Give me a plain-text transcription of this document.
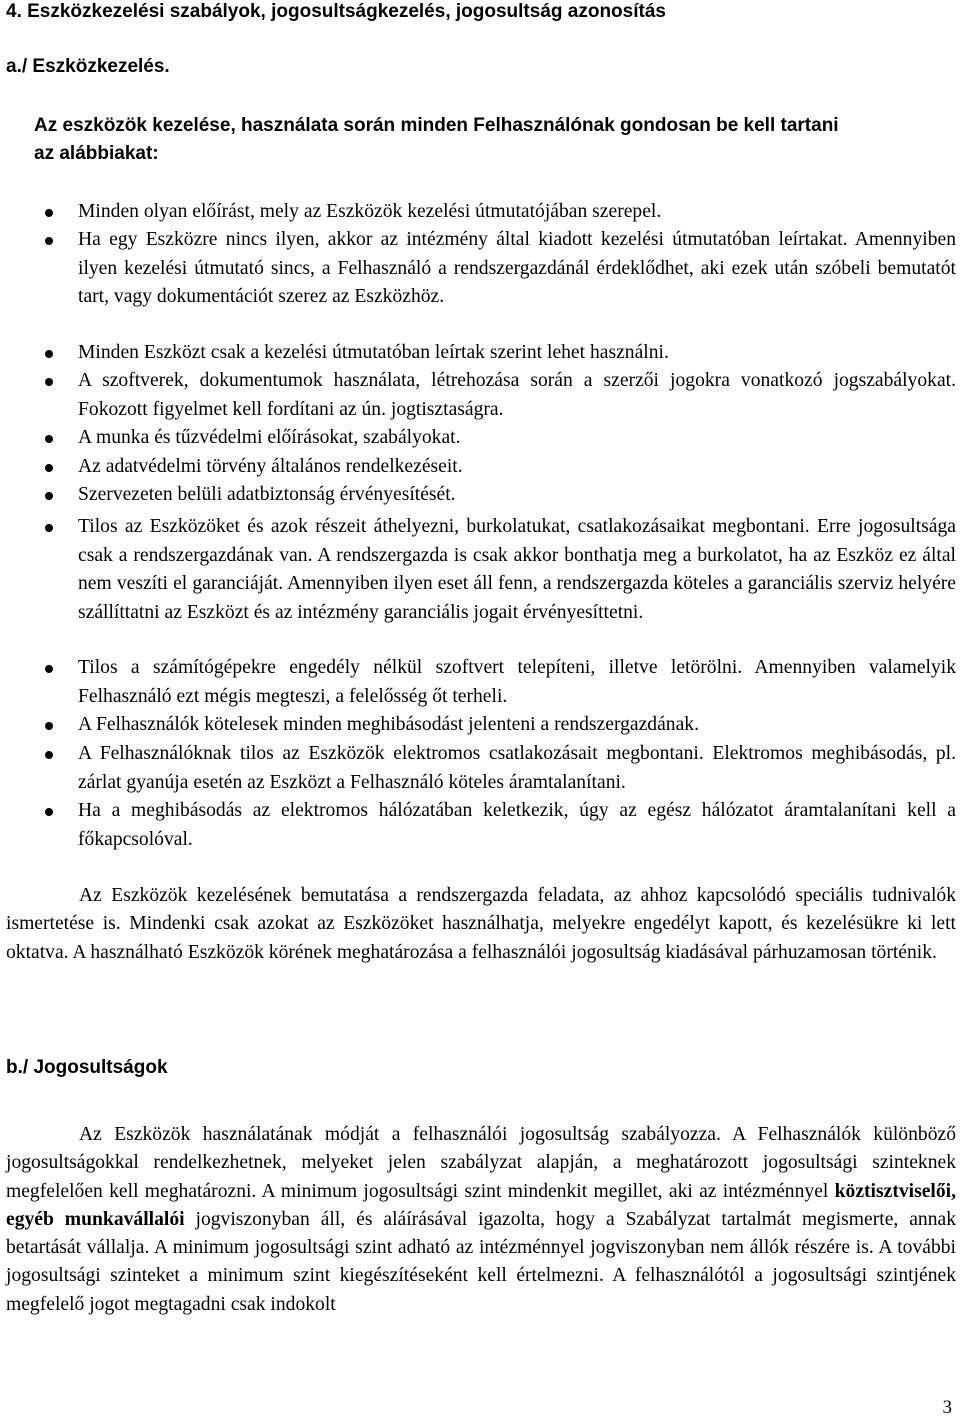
4. Eszközkezelési szabályok, jogosultságkezelés, jogosultság azonosítás
a./ Eszközkezelés.
Az eszközök kezelése, használata során minden Felhasználónak gondosan be kell tartani
az alábbiakat:
Minden olyan előírást, mely az Eszközök kezelési útmutatójában szerepel.
Ha egy Eszközre nincs ilyen, akkor az intézmény által kiadott kezelési útmutatóban leírtakat. Amennyiben ilyen kezelési útmutató sincs, a Felhasználó a rendszergazdánál érdeklődhet, aki ezek után szóbeli bemutatót tart, vagy dokumentációt szerez az Eszközhöz.
Minden Eszközt csak a kezelési útmutatóban leírtak szerint lehet használni.
A szoftverek, dokumentumok használata, létrehozása során a szerzői jogokra vonatkozó jogszabályokat. Fokozott figyelmet kell fordítani az ún. jogtisztaságra.
A munka és tűzvédelmi előírásokat, szabályokat.
Az adatvédelmi törvény általános rendelkezéseit.
Szervezeten belüli adatbiztonság érvényesítését.
Tilos az Eszközöket és azok részeit áthelyezni, burkolatukat, csatlakozásaikat megbontani. Erre jogosultsága csak a rendszergazdának van. A rendszergazda is csak akkor bonthatja meg a burkolatot, ha az Eszköz ez által nem veszíti el garanciáját. Amennyiben ilyen eset áll fenn, a rendszergazda köteles a garanciális szerviz helyére szállíttatni az Eszközt és az intézmény garanciális jogait érvényesíttetni.
Tilos a számítógépekre engedély nélkül szoftvert telepíteni, illetve letörölni. Amennyiben valamelyik Felhasználó ezt mégis megteszi, a felelősség őt terheli.
A Felhasználók kötelesek minden meghibásodást jelenteni a rendszergazdának.
A Felhasználóknak tilos az Eszközök elektromos csatlakozásait megbontani. Elektromos meghibásodás, pl. zárlat gyanúja esetén az Eszközt a Felhasználó köteles áramtalanítani.
Ha a meghibásodás az elektromos hálózatában keletkezik, úgy az egész hálózatot áramtalanítani kell a főkapcsolóval.
Az Eszközök kezelésének bemutatása a rendszergazda feladata, az ahhoz kapcsolódó speciális tudnivalók ismertetése is. Mindenki csak azokat az Eszközöket használhatja, melyekre engedélyt kapott, és kezelésükre ki lett oktatva. A használható Eszközök körének meghatározása a felhasználói jogosultság kiadásával párhuzamosan történik.
b./ Jogosultságok
Az Eszközök használatának módját a felhasználói jogosultság szabályozza. A Felhasználók különböző jogosultságokkal rendelkezhetnek, melyeket jelen szabályzat alapján, a meghatározott jogosultsági szinteknek megfelelően kell meghatározni. A minimum jogosultsági szint mindenkit megillet, aki az intézménnyel köztisztviselői, egyéb munkavállalói jogviszonyban áll, és aláírásával igazolta, hogy a Szabályzat tartalmát megismerte, annak betartását vállalja. A minimum jogosultsági szint adható az intézménnyel jogviszonyban nem állók részére is. A további jogosultsági szinteket a minimum szint kiegészítéseként kell értelmezni. A felhasználótól a jogosultsági szintjének megfelelő jogot megtagadni csak indokolt
3
